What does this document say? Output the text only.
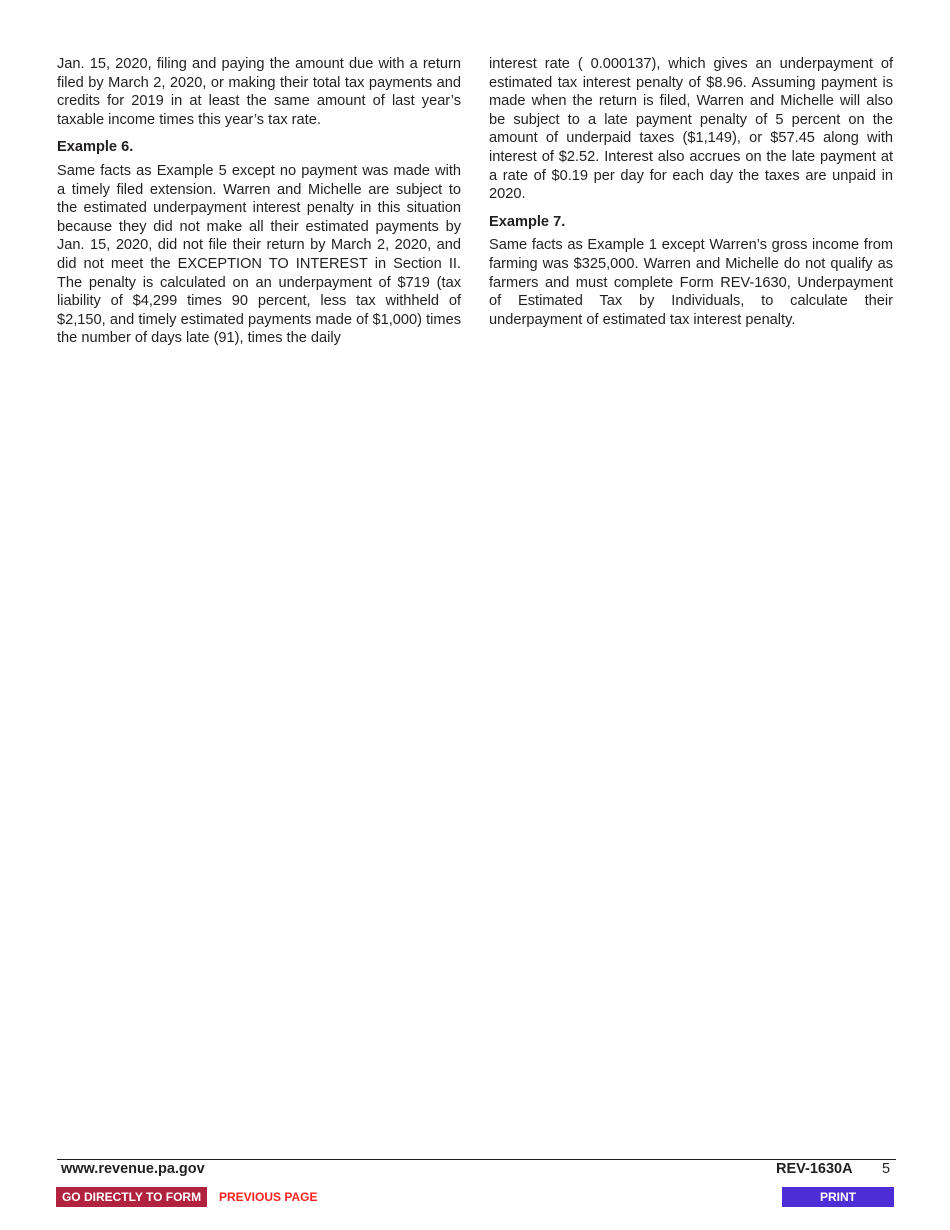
Jan. 15, 2020, filing and paying the amount due with a return filed by March 2, 2020, or making their total tax payments and credits for 2019 in at least the same amount of last year’s taxable income times this year’s tax rate.

Example 6.

Same facts as Example 5 except no payment was made with a timely filed extension. Warren and Michelle are subject to the estimated underpayment interest penalty in this situation because they did not make all their estimated payments by Jan. 15, 2020, did not file their return by March 2, 2020, and did not meet the EXCEPTION TO INTEREST in Section II. The penalty is calculated on an underpayment of $719 (tax liability of $4,299 times 90 percent, less tax withheld of $2,150, and timely estimated payments made of $1,000) times the number of days late (91), times the daily

interest rate ( 0.000137), which gives an underpayment of estimated tax interest penalty of $8.96. Assuming payment is made when the return is filed, Warren and Michelle will also be subject to a late payment penalty of 5 percent on the amount of underpaid taxes ($1,149), or $57.45 along with interest of $2.52. Interest also accrues on the late payment at a rate of $0.19 per day for each day the taxes are unpaid in 2020.

Example 7.

Same facts as Example 1 except Warren’s gross income from farming was $325,000. Warren and Michelle do not qualify as farmers and must complete Form REV-1630, Underpayment of Estimated Tax by Individuals, to calculate their underpayment of estimated tax interest penalty.

www.revenue.pa.gov	REV-1630A 5
GO DIRECTLY TO FORM	PREVIOUS PAGE	PRINT
